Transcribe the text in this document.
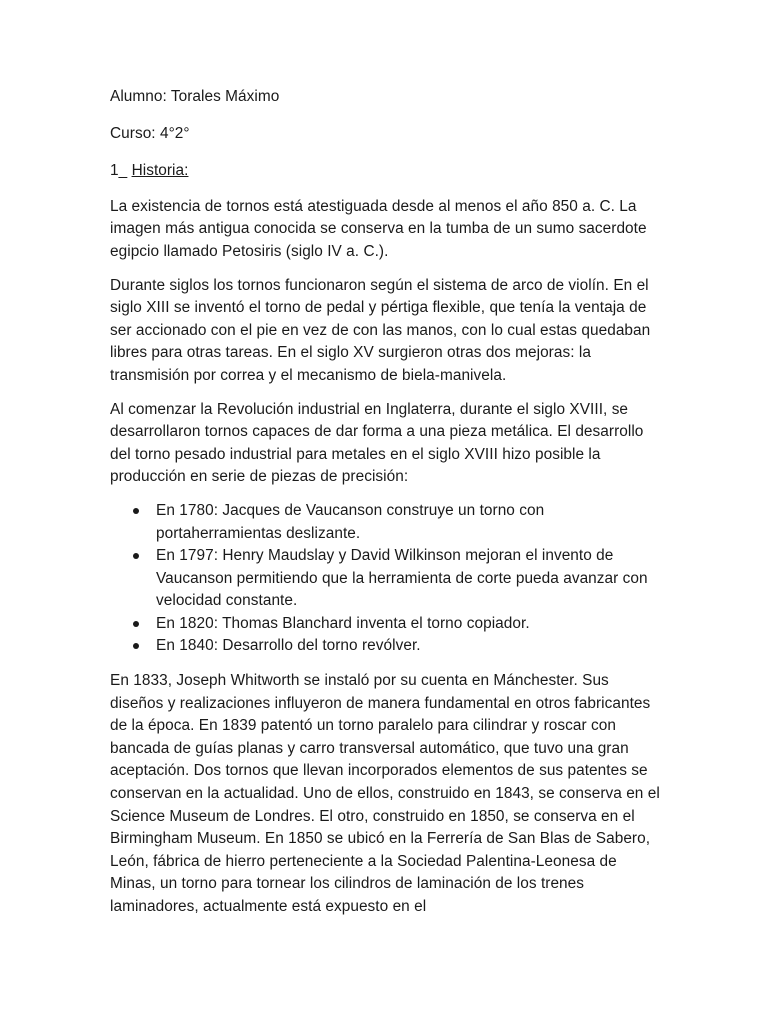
Alumno: Torales Máximo

Curso: 4°2°

1_ Historia:

La existencia de tornos está atestiguada desde al menos el año 850 a. C. La imagen más antigua conocida se conserva en la tumba de un sumo sacerdote egipcio llamado Petosiris (siglo IV a. C.).

Durante siglos los tornos funcionaron según el sistema de arco de violín. En el siglo XIII se inventó el torno de pedal y pértiga flexible, que tenía la ventaja de ser accionado con el pie en vez de con las manos, con lo cual estas quedaban libres para otras tareas. En el siglo XV surgieron otras dos mejoras: la transmisión por correa y el mecanismo de biela-manivela.

Al comenzar la Revolución industrial en Inglaterra, durante el siglo XVIII, se desarrollaron tornos capaces de dar forma a una pieza metálica. El desarrollo del torno pesado industrial para metales en el siglo XVIII hizo posible la producción en serie de piezas de precisión:

En 1780: Jacques de Vaucanson construye un torno con portaherramientas deslizante.
En 1797: Henry Maudslay y David Wilkinson mejoran el invento de Vaucanson permitiendo que la herramienta de corte pueda avanzar con velocidad constante.
En 1820: Thomas Blanchard inventa el torno copiador.
En 1840: Desarrollo del torno revólver.

En 1833, Joseph Whitworth se instaló por su cuenta en Mánchester. Sus diseños y realizaciones influyeron de manera fundamental en otros fabricantes de la época. En 1839 patentó un torno paralelo para cilindrar y roscar con bancada de guías planas y carro transversal automático, que tuvo una gran aceptación. Dos tornos que llevan incorporados elementos de sus patentes se conservan en la actualidad. Uno de ellos, construido en 1843, se conserva en el Science Museum de Londres. El otro, construido en 1850, se conserva en el Birmingham Museum. En 1850 se ubicó en la Ferrería de San Blas de Sabero, León, fábrica de hierro perteneciente a la Sociedad Palentina-Leonesa de Minas, un torno para tornear los cilindros de laminación de los trenes laminadores, actualmente está expuesto en el
